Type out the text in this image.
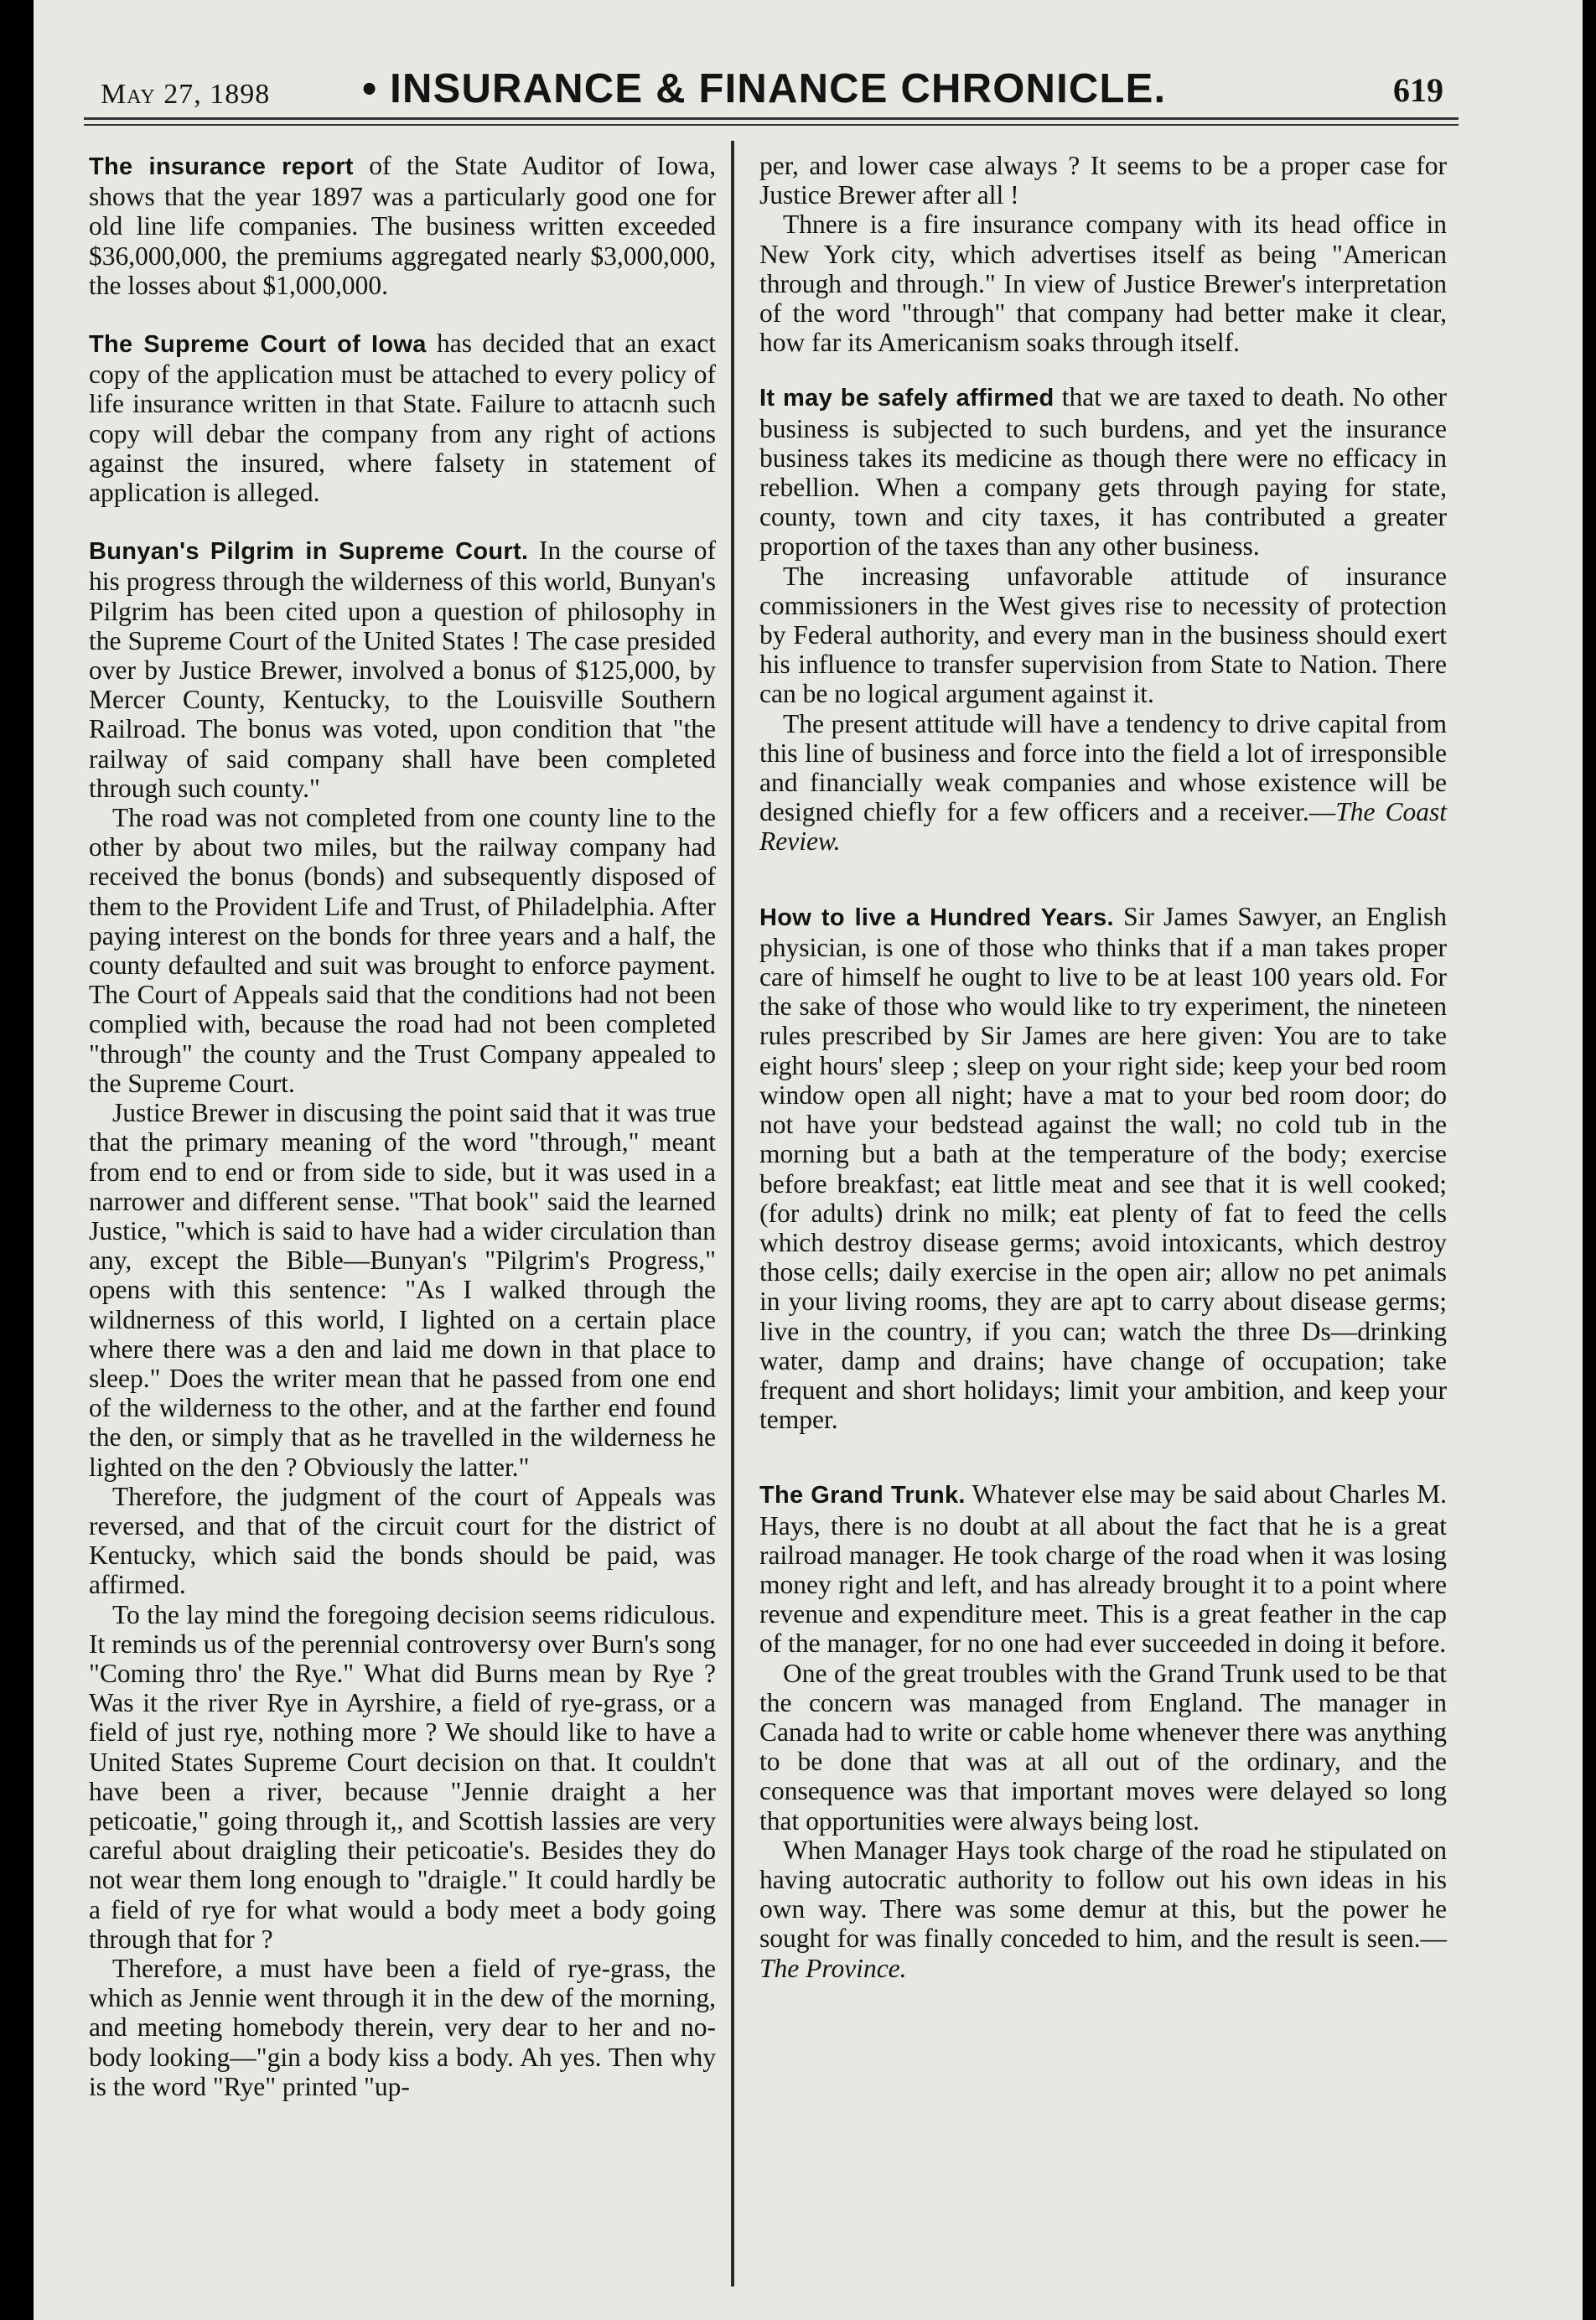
May 27, 1898 • INSURANCE & FINANCE CHRONICLE.	619

The insurance report of the State Auditor of Iowa, shows that the year 1897 was a particularly good one for old line life companies. The business written exceeded $36,000,000, the premiums aggregated nearly $3,000,000, the losses about $1,000,000.

The Supreme Court of Iowa has decided that an exact copy of the application must be attached to every policy of life insurance written in that State. Failure to attacnh such copy will debar the company from any right of actions against the insured, where falsety in statement of application is alleged.

Bunyan's Pilgrim in Supreme Court. In the course of his progress through the wilderness of this world, Bunyan's Pilgrim has been cited upon a question of philosophy in the Supreme Court of the United States ! The case presided over by Justice Brewer, involved a bonus of $125,000, by Mercer County, Kentucky, to the Louisville Southern Railroad. The bonus was voted, upon condition that "the railway of said company shall have been completed through such county."

The road was not completed from one county line to the other by about two miles, but the railway company had received the bonus (bonds) and subsequently disposed of them to the Provident Life and Trust, of Philadelphia. After paying interest on the bonds for three years and a half, the county defaulted and suit was brought to enforce payment. The Court of Appeals said that the conditions had not been complied with, because the road had not been completed "through" the county and the Trust Company appealed to the Supreme Court.

Justice Brewer in discusing the point said that it was true that the primary meaning of the word "through," meant from end to end or from side to side, but it was used in a narrower and different sense. "That book" said the learned Justice, "which is said to have had a wider circulation than any, except the Bible—Bunyan's "Pilgrim's Progress," opens with this sentence: "As I walked through the wildnerness of this world, I lighted on a certain place where there was a den and laid me down in that place to sleep." Does the writer mean that he passed from one end of the wilderness to the other, and at the farther end found the den, or simply that as he travelled in the wilderness he lighted on the den ? Obviously the latter."

Therefore, the judgment of the court of Appeals was reversed, and that of the circuit court for the district of Kentucky, which said the bonds should be paid, was affirmed.

To the lay mind the foregoing decision seems ridiculous. It reminds us of the perennial controversy over Burn's song "Coming thro' the Rye." What did Burns mean by Rye ? Was it the river Rye in Ayrshire, a field of rye-grass, or a field of just rye, nothing more ? We should like to have a United States Supreme Court decision on that. It couldn't have been a river, because "Jennie draight a her peticoatie," going through it,, and Scottish lassies are very careful about draigling their peticoatie's. Besides they do not wear them long enough to "draigle." It could hardly be a field of rye for what would a body meet a body going through that for ?

Therefore, a must have been a field of rye-grass, the which as Jennie went through it in the dew of the morning, and meeting homebody therein, very dear to her and no-body looking—"gin a body kiss a body. Ah yes. Then why is the word "Rye" printed "up-

per, and lower case always ? It seems to be a proper case for Justice Brewer after all !

Thnere is a fire insurance company with its head office in New York city, which advertises itself as being "American through and through." In view of Justice Brewer's interpretation of the word "through" that company had better make it clear, how far its Americanism soaks through itself.

It may be safely affirmed that we are taxed to death. No other business is subjected to such burdens, and yet the insurance business takes its medicine as though there were no efficacy in rebellion. When a company gets through paying for state, county, town and city taxes, it has contributed a greater proportion of the taxes than any other business.

The increasing unfavorable attitude of insurance commissioners in the West gives rise to necessity of protection by Federal authority, and every man in the business should exert his influence to transfer supervision from State to Nation. There can be no logical argument against it.

The present attitude will have a tendency to drive capital from this line of business and force into the field a lot of irresponsible and financially weak companies and whose existence will be designed chiefly for a few officers and a receiver.—The Coast Review.

How to live a Hundred Years. Sir James Sawyer, an English physician, is one of those who thinks that if a man takes proper care of himself he ought to live to be at least 100 years old. For the sake of those who would like to try experiment, the nineteen rules prescribed by Sir James are here given: You are to take eight hours' sleep ; sleep on your right side; keep your bed room window open all night; have a mat to your bed room door; do not have your bedstead against the wall; no cold tub in the morning but a bath at the temperature of the body; exercise before breakfast; eat little meat and see that it is well cooked; (for adults) drink no milk; eat plenty of fat to feed the cells which destroy disease germs; avoid intoxicants, which destroy those cells; daily exercise in the open air; allow no pet animals in your living rooms, they are apt to carry about disease germs; live in the country, if you can; watch the three Ds—drinking water, damp and drains; have change of occupation; take frequent and short holidays; limit your ambition, and keep your temper.

The Grand Trunk. Whatever else may be said about Charles M. Hays, there is no doubt at all about the fact that he is a great railroad manager. He took charge of the road when it was losing money right and left, and has already brought it to a point where revenue and expenditure meet. This is a great feather in the cap of the manager, for no one had ever succeeded in doing it before.

One of the great troubles with the Grand Trunk used to be that the concern was managed from England. The manager in Canada had to write or cable home whenever there was anything to be done that was at all out of the ordinary, and the consequence was that important moves were delayed so long that opportunities were always being lost.

When Manager Hays took charge of the road he stipulated on having autocratic authority to follow out his own ideas in his own way. There was some demur at this, but the power he sought for was finally conceded to him, and the result is seen.—The Province.
